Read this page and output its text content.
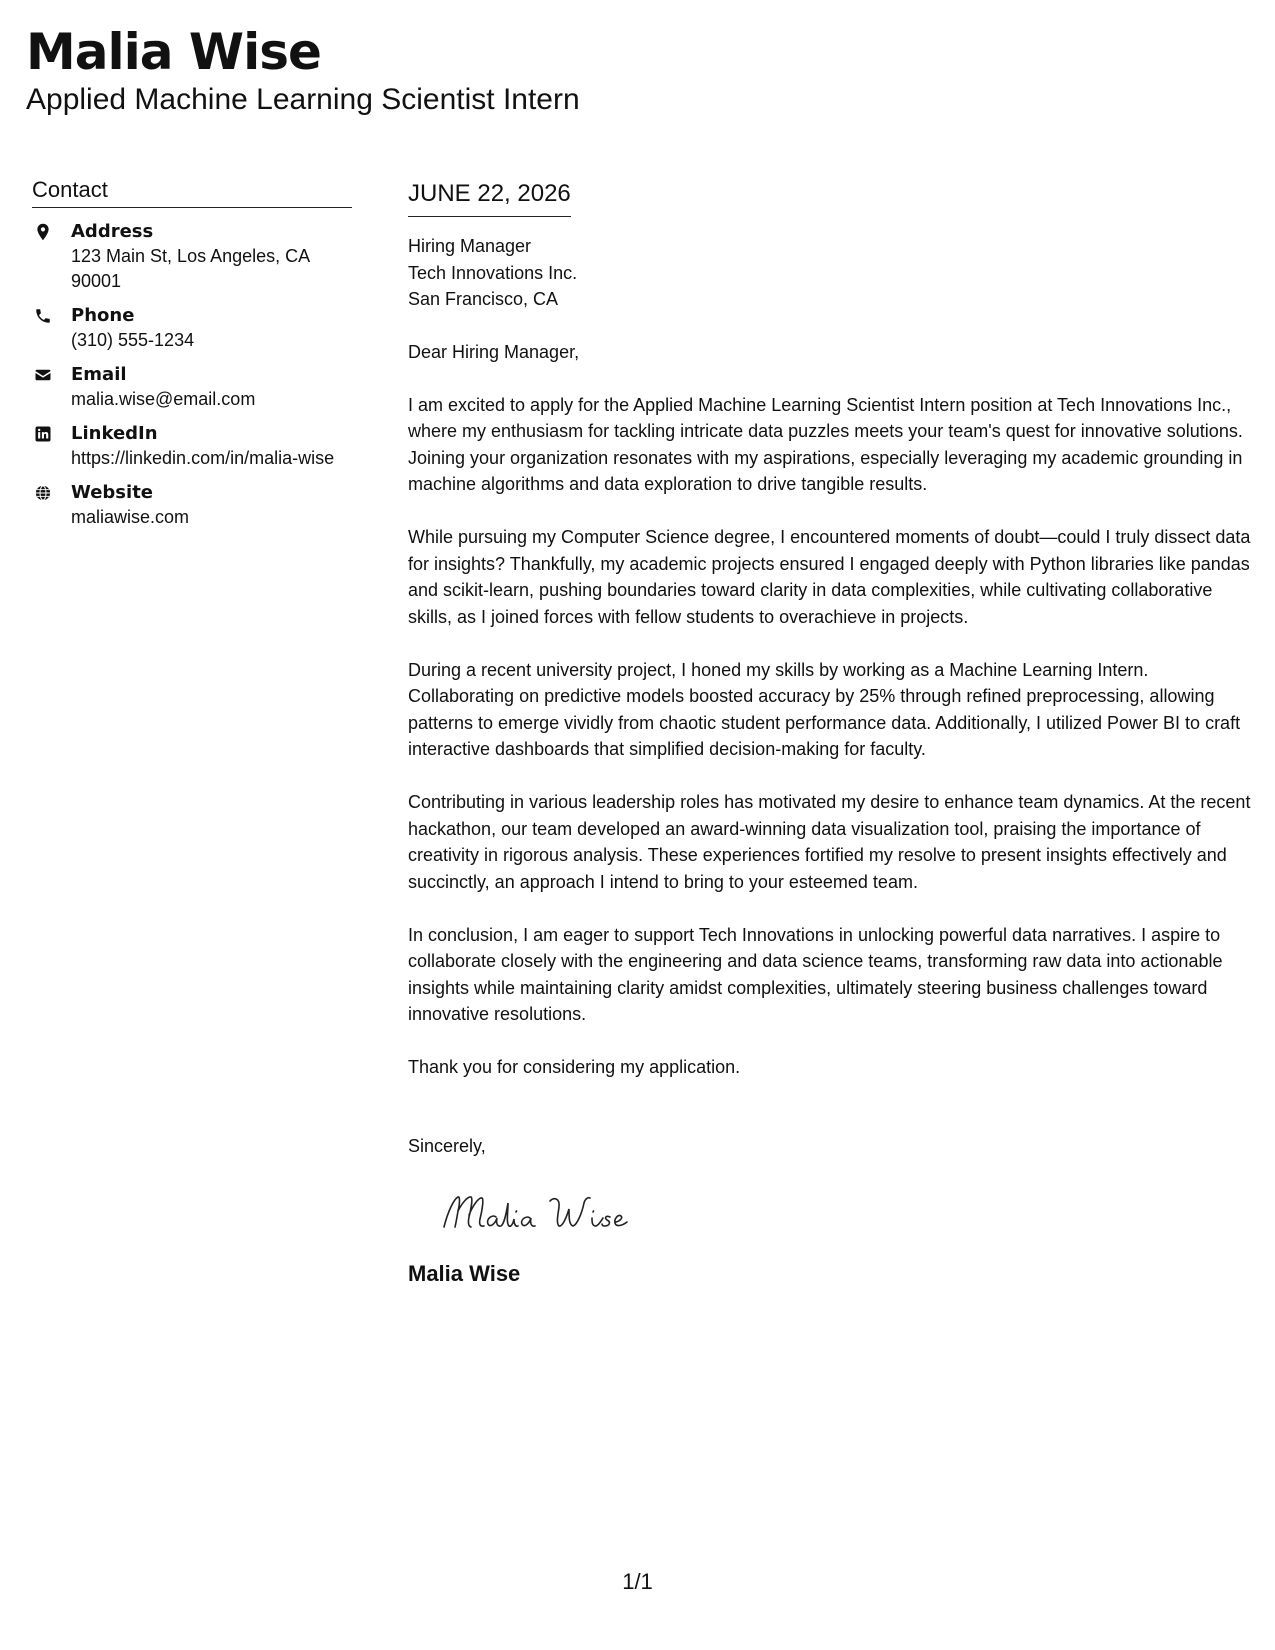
Malia Wise
Applied Machine Learning Scientist Intern
Contact
Address
123 Main St, Los Angeles, CA 90001
Phone
(310) 555-1234
Email
malia.wise@email.com
LinkedIn
https://linkedin.com/in/malia-wise
Website
maliawise.com
JUNE 22, 2026
Hiring Manager
Tech Innovations Inc.
San Francisco, CA

Dear Hiring Manager,

I am excited to apply for the Applied Machine Learning Scientist Intern position at Tech Innovations Inc., where my enthusiasm for tackling intricate data puzzles meets your team's quest for innovative solutions. Joining your organization resonates with my aspirations, especially leveraging my academic grounding in machine algorithms and data exploration to drive tangible results.

While pursuing my Computer Science degree, I encountered moments of doubt—could I truly dissect data for insights? Thankfully, my academic projects ensured I engaged deeply with Python libraries like pandas and scikit-learn, pushing boundaries toward clarity in data complexities, while cultivating collaborative skills, as I joined forces with fellow students to overachieve in projects.

During a recent university project, I honed my skills by working as a Machine Learning Intern. Collaborating on predictive models boosted accuracy by 25% through refined preprocessing, allowing patterns to emerge vividly from chaotic student performance data. Additionally, I utilized Power BI to craft interactive dashboards that simplified decision-making for faculty.

Contributing in various leadership roles has motivated my desire to enhance team dynamics. At the recent hackathon, our team developed an award-winning data visualization tool, praising the importance of creativity in rigorous analysis. These experiences fortified my resolve to present insights effectively and succinctly, an approach I intend to bring to your esteemed team.

In conclusion, I am eager to support Tech Innovations in unlocking powerful data narratives. I aspire to collaborate closely with the engineering and data science teams, transforming raw data into actionable insights while maintaining clarity amidst complexities, ultimately steering business challenges toward innovative resolutions.

Thank you for considering my application.

Sincerely,

Malia Wise
1/1
